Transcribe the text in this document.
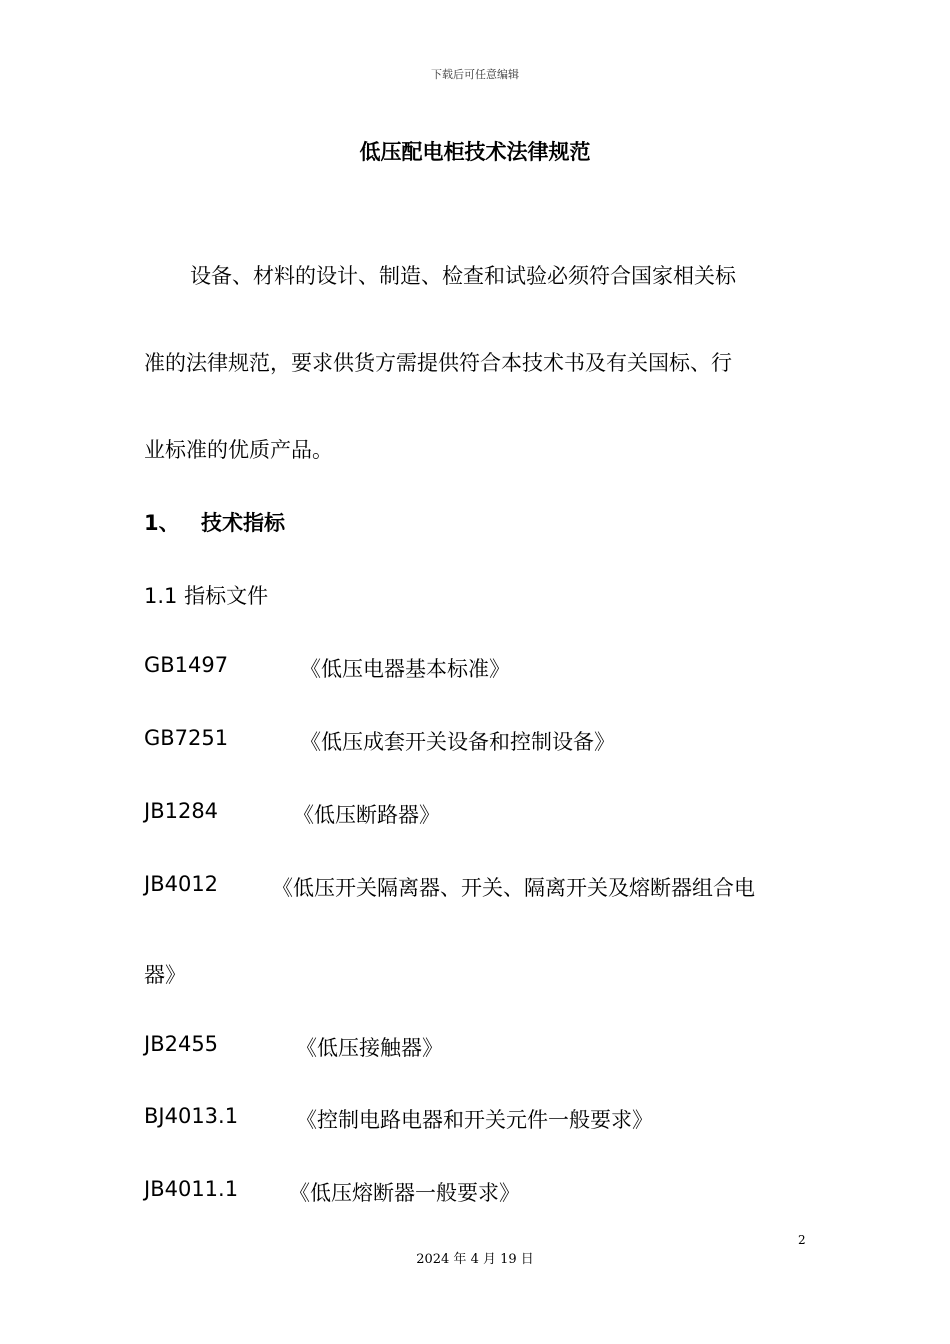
下载后可任意编辑
低压配电柜技术法律规范
设备、材料的设计、制造、检查和试验必须符合国家相关标
准的法律规范，要求供货方需提供符合本技术书及有关国标、行
业标准的优质产品。
1、 技术指标
1.1 指标文件
GB1497	《低压电器基本标准》
GB7251	《低压成套开关设备和控制设备》
JB1284	《低压断路器》
JB4012	《低压开关隔离器、开关、隔离开关及熔断器组合电
器》
JB2455	《低压接触器》
BJ4013.1	《控制电路电器和开关元件一般要求》
JB4011.1 《低压熔断器一般要求》
2
2024 年 4 月 19 日
